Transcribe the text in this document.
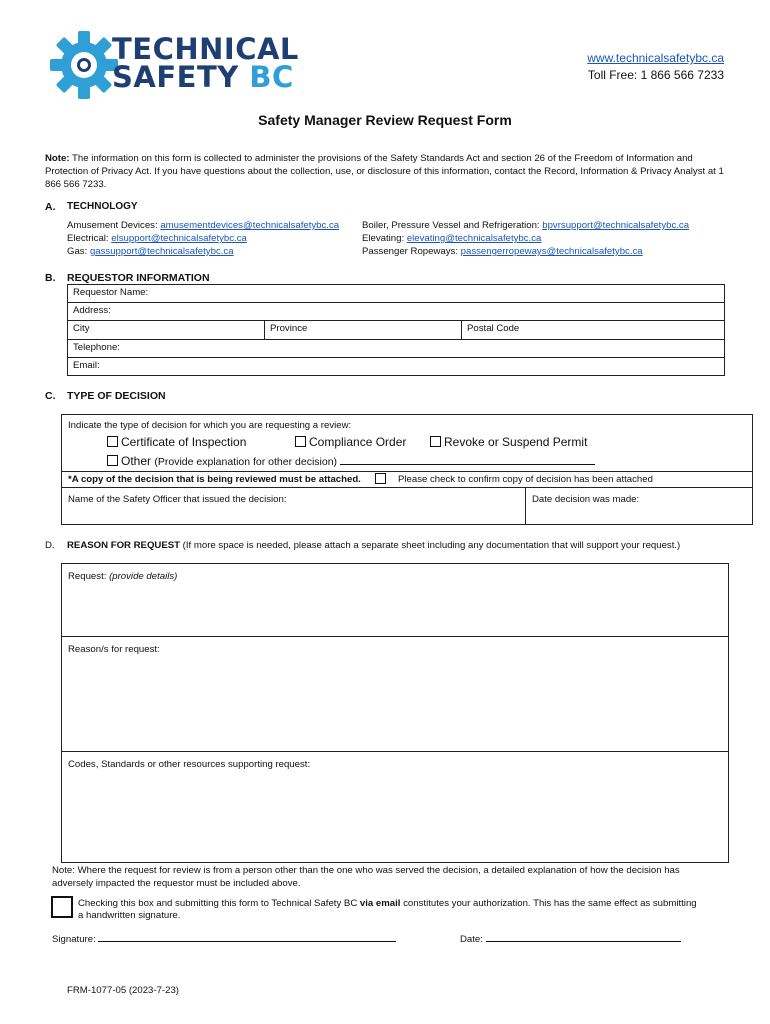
TECHNICAL
SAFETY BC
www.technicalsafetybc.ca
Toll Free: 1 866 566 7233
Safety Manager Review Request Form
Note: The information on this form is collected to administer the provisions of the Safety Standards Act and section 26 of the Freedom of Information and Protection of Privacy Act. If you have questions about the collection, use, or disclosure of this information, contact the Record, Information & Privacy Analyst at 1 866 566 7233.
A. TECHNOLOGY
Amusement Devices: amusementdevices@technicalsafetybc.ca
Electrical: elsupport@technicalsafetybc.ca
Gas: gassupport@technicalsafetybc.ca
Boiler, Pressure Vessel and Refrigeration: bpvrsupport@technicalsafetybc.ca
Elevating: elevating@technicalsafetybc.ca
Passenger Ropeways: passengerropeways@technicalsafetybc.ca
B. REQUESTOR INFORMATION
Requestor Name:
Address:
City	Province	Postal Code
Telephone:
Email:
C. TYPE OF DECISION
Indicate the type of decision for which you are requesting a review:
Certificate of Inspection	Compliance Order	Revoke or Suspend Permit
Other (Provide explanation for other decision)
*A copy of the decision that is being reviewed must be attached.	Please check to confirm copy of decision has been attached
Name of the Safety Officer that issued the decision:	Date decision was made:
D. REASON FOR REQUEST (If more space is needed, please attach a separate sheet including any documentation that will support your request.)
Request: (provide details)
Reason/s for request:
Codes, Standards or other resources supporting request:
Note: Where the request for review is from a person other than the one who was served the decision, a detailed explanation of how the decision has adversely impacted the requestor must be included above.
Checking this box and submitting this form to Technical Safety BC via email constitutes your authorization. This has the same effect as submitting a handwritten signature.
Signature:	Date:
FRM-1077-05 (2023-7-23)
